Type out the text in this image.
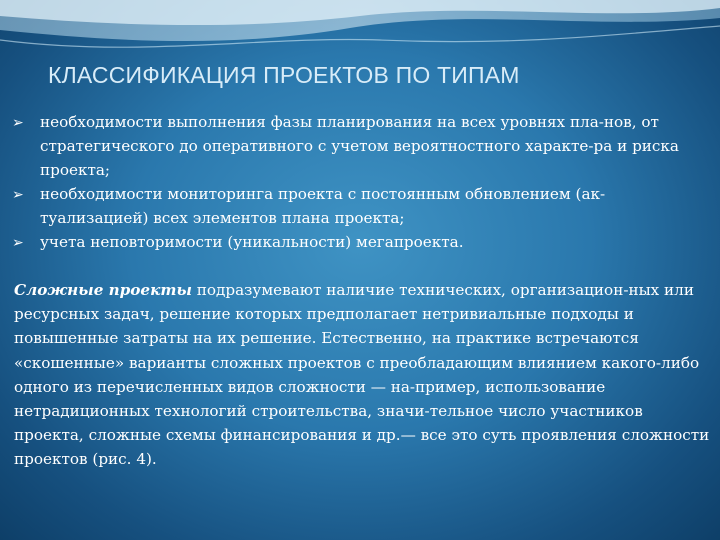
КЛАССИФИКАЦИЯ ПРОЕКТОВ ПО ТИПАМ
➢	необходимости выполнения фазы планирования на всех уровнях пла-нов, от стратегического до оперативного с учетом вероятностного характе-ра и риска проекта;
➢	необходимости мониторинга проекта с постоянным обновлением (ак-туализацией) всех элементов плана проекта;
➢	учета неповторимости (уникальности) мегапроекта.
Сложные проекты подразумевают наличие технических, организацион-ных или ресурсных задач, решение которых предполагает нетривиальные подходы и повышенные затраты на их решение. Естественно, на практике встречаются «скошенные» варианты сложных проектов с преобладающим влиянием какого-либо одного из перечисленных видов сложности — на-пример, использование нетрадиционных технологий строительства, значи-тельное число участников проекта, сложные схемы финансирования и др.— все это суть проявления сложности проектов (рис. 4).
